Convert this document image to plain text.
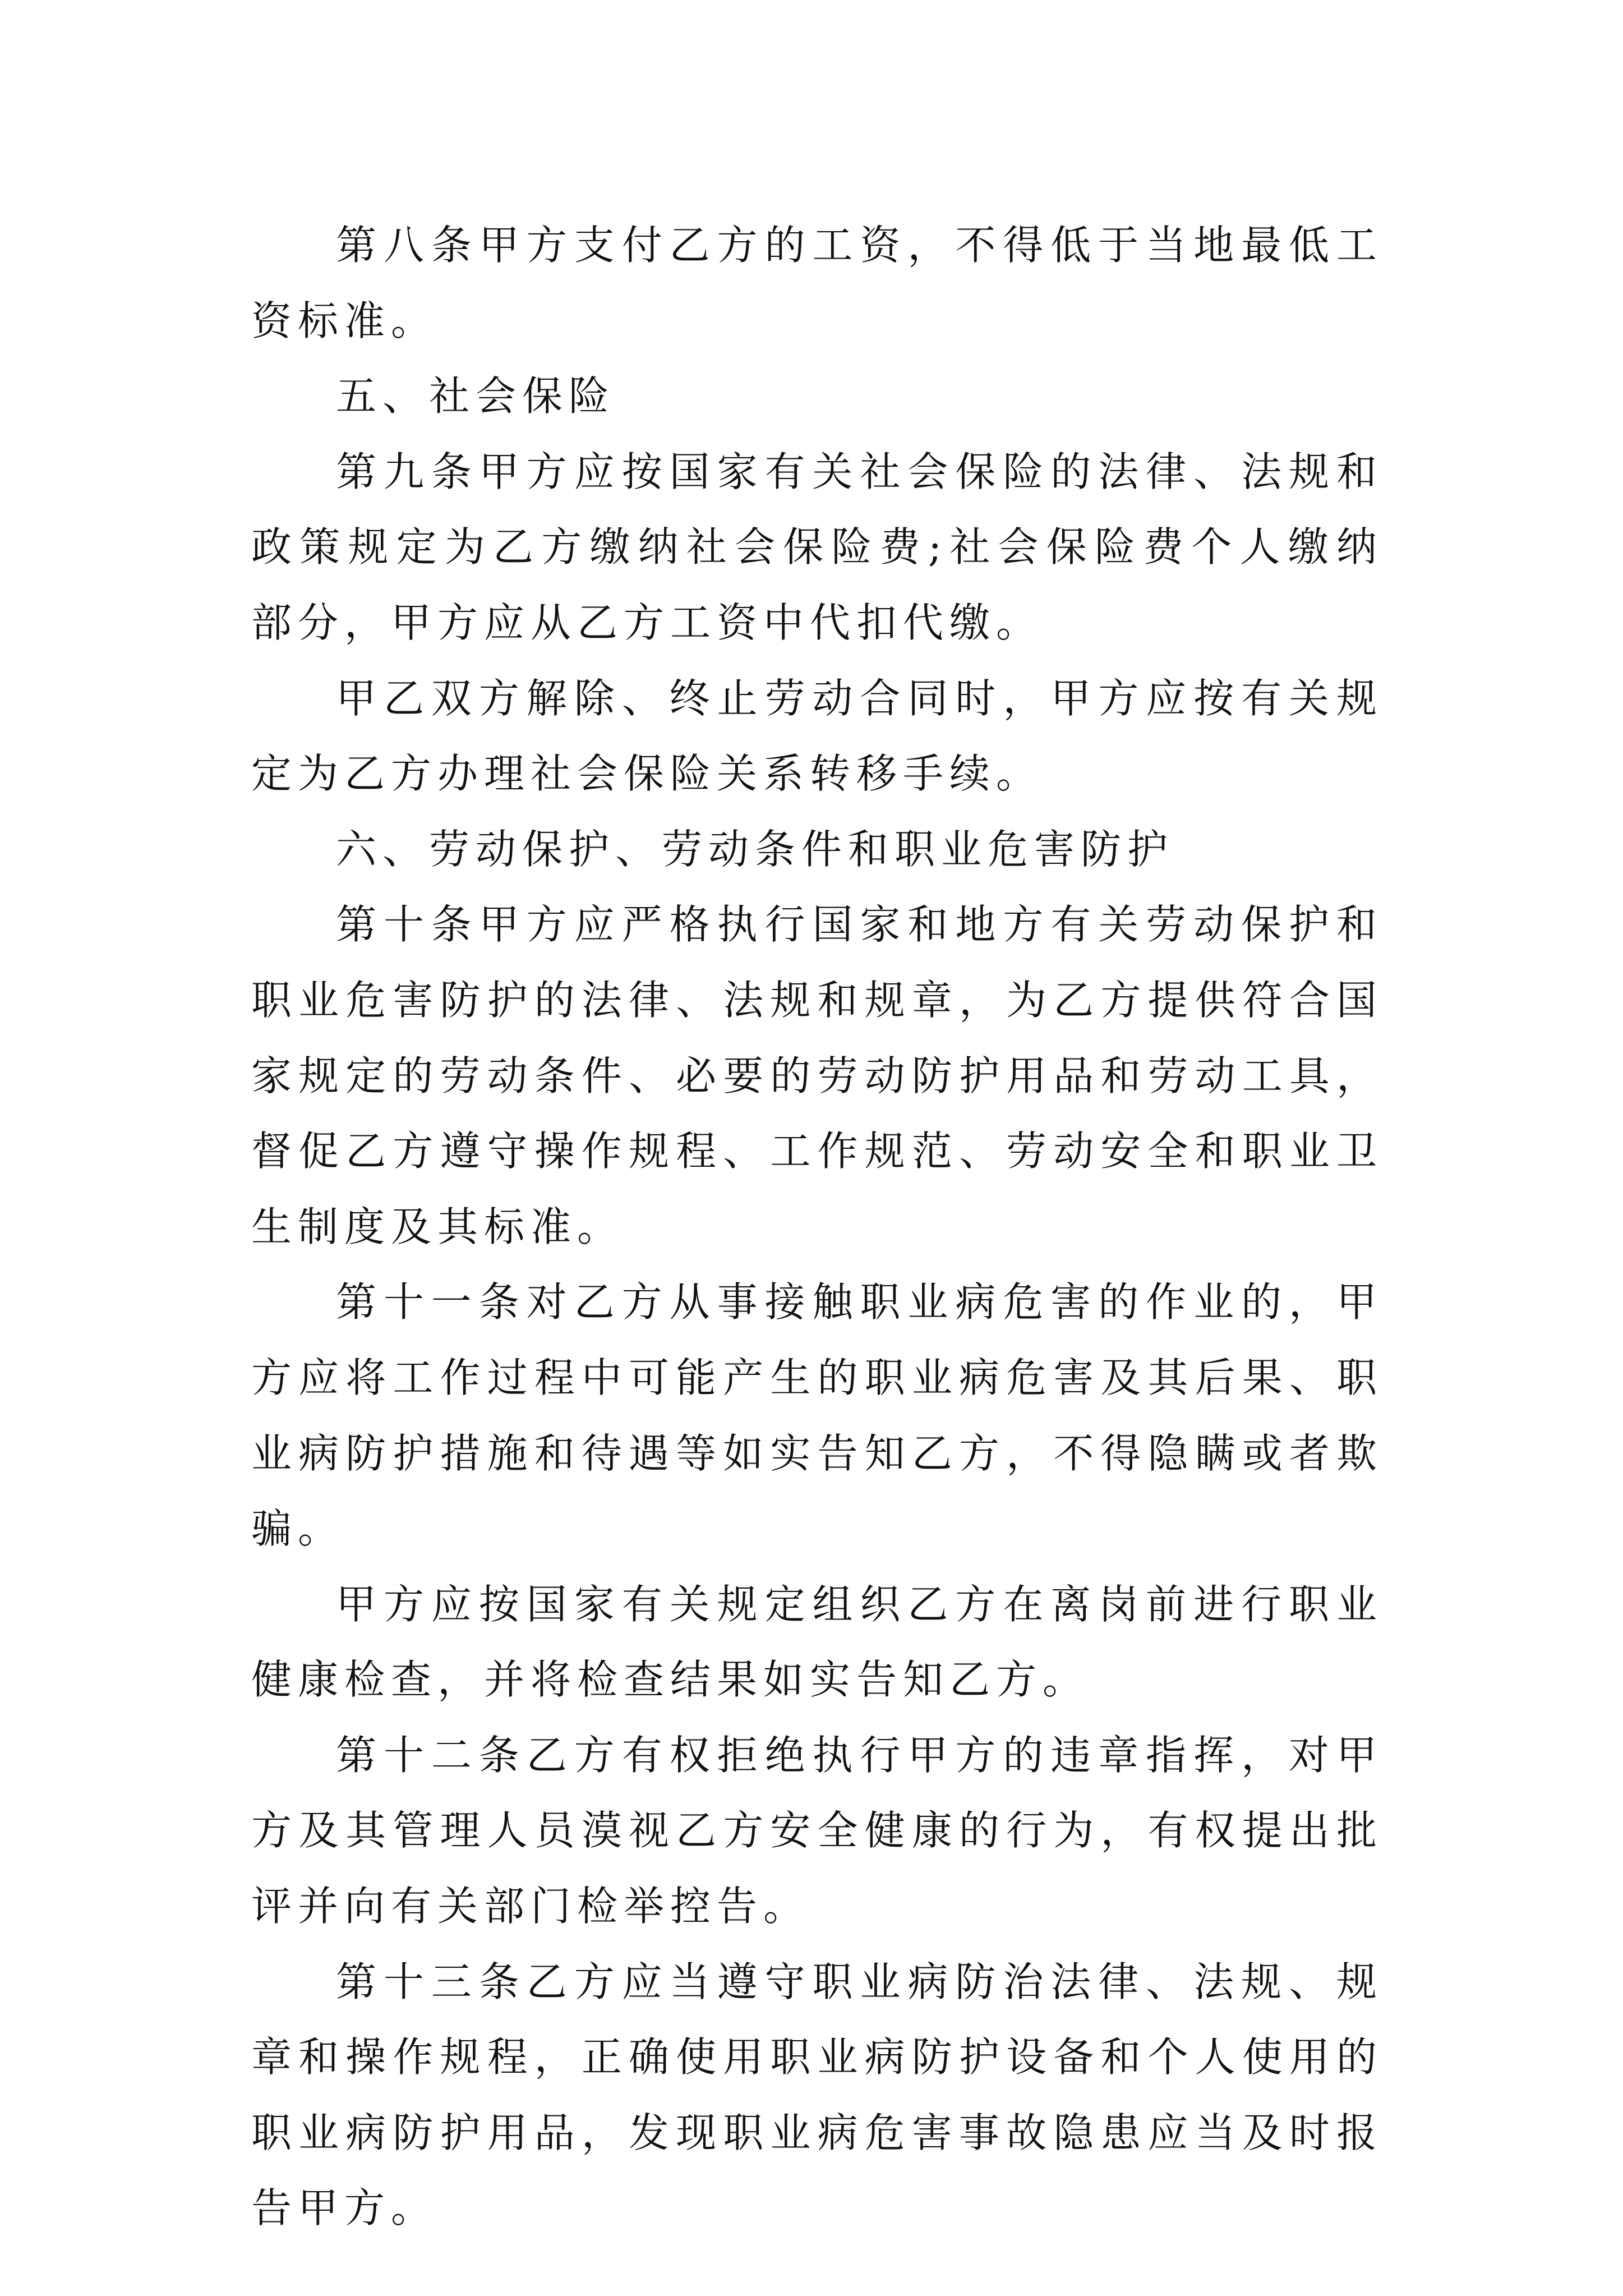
第八条甲方支付乙方的工资，不得低于当地最低工资标准。

五、社会保险

第九条甲方应按国家有关社会保险的法律、法规和政策规定为乙方缴纳社会保险费;社会保险费个人缴纳部分，甲方应从乙方工资中代扣代缴。

甲乙双方解除、终止劳动合同时，甲方应按有关规定为乙方办理社会保险关系转移手续。

六、劳动保护、劳动条件和职业危害防护

第十条甲方应严格执行国家和地方有关劳动保护和职业危害防护的法律、法规和规章，为乙方提供符合国家规定的劳动条件、必要的劳动防护用品和劳动工具，督促乙方遵守操作规程、工作规范、劳动安全和职业卫生制度及其标准。

第十一条对乙方从事接触职业病危害的作业的，甲方应将工作过程中可能产生的职业病危害及其后果、职业病防护措施和待遇等如实告知乙方，不得隐瞒或者欺骗。

甲方应按国家有关规定组织乙方在离岗前进行职业健康检查，并将检查结果如实告知乙方。

第十二条乙方有权拒绝执行甲方的违章指挥，对甲方及其管理人员漠视乙方安全健康的行为，有权提出批评并向有关部门检举控告。

第十三条乙方应当遵守职业病防治法律、法规、规章和操作规程，正确使用职业病防护设备和个人使用的职业病防护用品，发现职业病危害事故隐患应当及时报告甲方。
